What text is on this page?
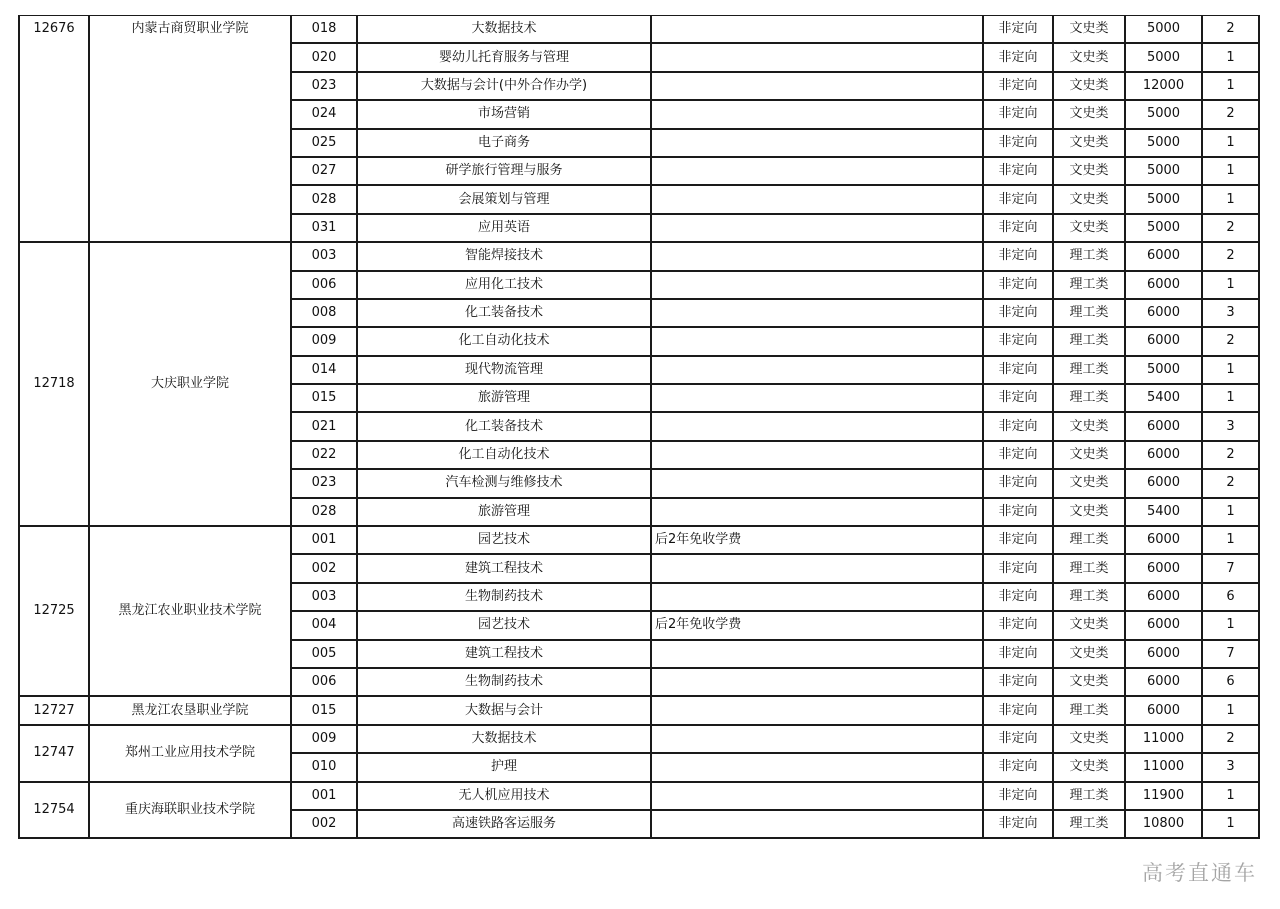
12676	内蒙古商贸职业学院	018	大数据技术		非定向	文史类	5000	2
		020	婴幼儿托育服务与管理		非定向	文史类	5000	1
		023	大数据与会计(中外合作办学)		非定向	文史类	12000	1
		024	市场营销		非定向	文史类	5000	2
		025	电子商务		非定向	文史类	5000	1
		027	研学旅行管理与服务		非定向	文史类	5000	1
		028	会展策划与管理		非定向	文史类	5000	1
		031	应用英语		非定向	文史类	5000	2
12718	大庆职业学院	003	智能焊接技术		非定向	理工类	6000	2
		006	应用化工技术		非定向	理工类	6000	1
		008	化工装备技术		非定向	理工类	6000	3
		009	化工自动化技术		非定向	理工类	6000	2
		014	现代物流管理		非定向	理工类	5000	1
		015	旅游管理		非定向	理工类	5400	1
		021	化工装备技术		非定向	文史类	6000	3
		022	化工自动化技术		非定向	文史类	6000	2
		023	汽车检测与维修技术		非定向	文史类	6000	2
		028	旅游管理		非定向	文史类	5400	1
12725	黑龙江农业职业技术学院	001	园艺技术	后2年免收学费	非定向	理工类	6000	1
		002	建筑工程技术		非定向	理工类	6000	7
		003	生物制药技术		非定向	理工类	6000	6
		004	园艺技术	后2年免收学费	非定向	文史类	6000	1
		005	建筑工程技术		非定向	文史类	6000	7
		006	生物制药技术		非定向	文史类	6000	6
12727	黑龙江农垦职业学院	015	大数据与会计		非定向	理工类	6000	1
12747	郑州工业应用技术学院	009	大数据技术		非定向	文史类	11000	2
		010	护理		非定向	文史类	11000	3
12754	重庆海联职业技术学院	001	无人机应用技术		非定向	理工类	11900	1
		002	高速铁路客运服务		非定向	理工类	10800	1
高考直通车
